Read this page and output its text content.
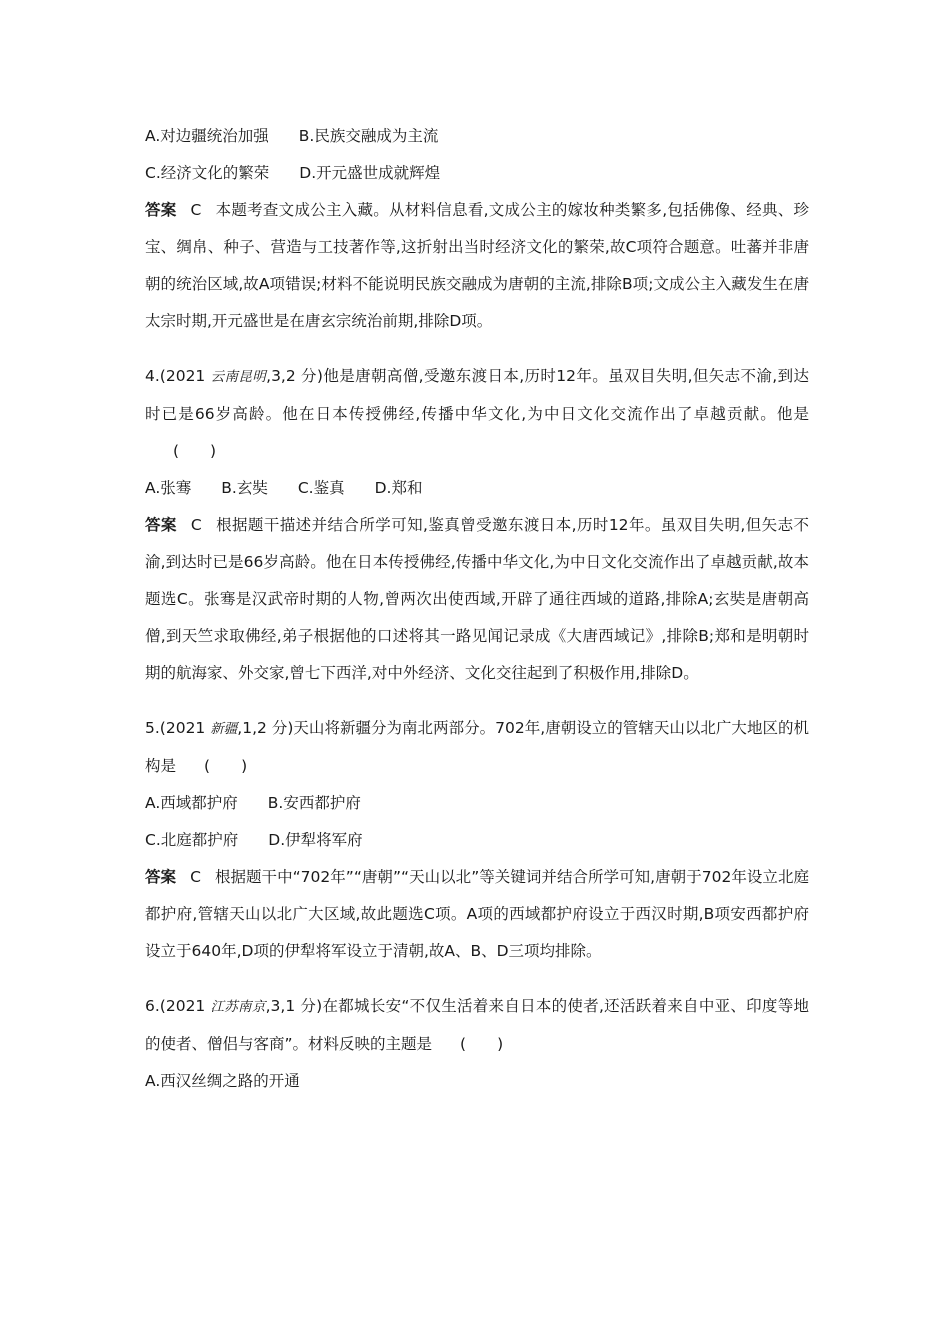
A.对边疆统治加强 B.民族交融成为主流
C.经济文化的繁荣 D.开元盛世成就辉煌
答案 C 本题考查文成公主入藏。从材料信息看,文成公主的嫁妆种类繁多,包括佛像、经典、珍宝、绸帛、种子、营造与工技著作等,这折射出当时经济文化的繁荣,故C项符合题意。吐蕃并非唐朝的统治区域,故A项错误;材料不能说明民族交融成为唐朝的主流,排除B项;文成公主入藏发生在唐太宗时期,开元盛世是在唐玄宗统治前期,排除D项。
4.(2021 云南昆明,3,2 分)他是唐朝高僧,受邀东渡日本,历时12年。虽双目失明,但矢志不渝,到达时已是66岁高龄。他在日本传授佛经,传播中华文化,为中日文化交流作出了卓越贡献。他是(　　)
A.张骞 B.玄奘 C.鉴真 D.郑和
答案 C 根据题干描述并结合所学可知,鉴真曾受邀东渡日本,历时12年。虽双目失明,但矢志不渝,到达时已是66岁高龄。他在日本传授佛经,传播中华文化,为中日文化交流作出了卓越贡献,故本题选C。张骞是汉武帝时期的人物,曾两次出使西域,开辟了通往西域的道路,排除A;玄奘是唐朝高僧,到天竺求取佛经,弟子根据他的口述将其一路见闻记录成《大唐西域记》,排除B;郑和是明朝时期的航海家、外交家,曾七下西洋,对中外经济、文化交往起到了积极作用,排除D。
5.(2021 新疆,1,2 分)天山将新疆分为南北两部分。702年,唐朝设立的管辖天山以北广大地区的机构是 (　　)
A.西域都护府 B.安西都护府
C.北庭都护府 D.伊犁将军府
答案 C 根据题干中“702年”“唐朝”“天山以北”等关键词并结合所学可知,唐朝于702年设立北庭都护府,管辖天山以北广大区域,故此题选C项。A项的西域都护府设立于西汉时期,B项安西都护府设立于640年,D项的伊犁将军设立于清朝,故A、B、D三项均排除。
6.(2021 江苏南京,3,1 分)在都城长安“不仅生活着来自日本的使者,还活跃着来自中亚、印度等地的使者、僧侣与客商”。材料反映的主题是 (　　)
A.西汉丝绸之路的开通
